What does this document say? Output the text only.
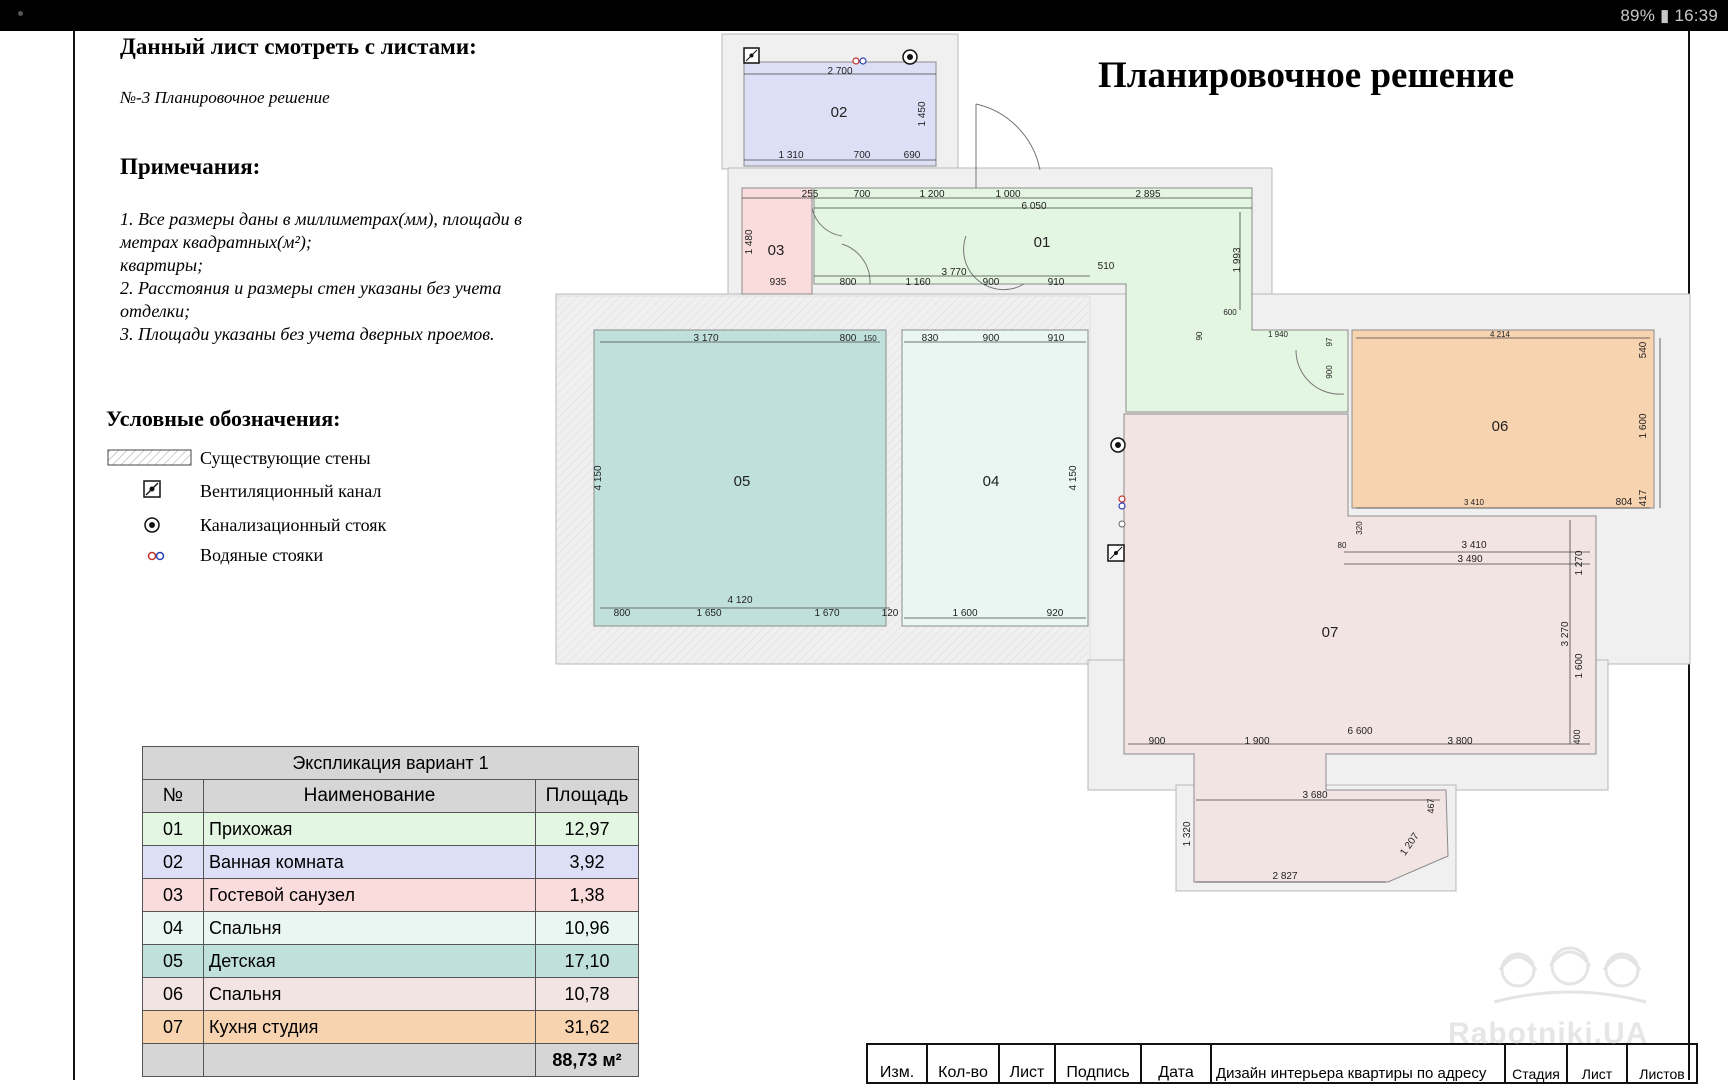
89% ▮ 16:39
Данный лист смотреть с листами:
№-3 Планировочное решение
Примечания:
1. Все размеры даны в миллиметрах(мм), площади в
метрах квадратных(м²);
квартиры;
2. Расстояния и размеры стен указаны без учета
отделки;
3. Площади указаны без учета дверных проемов.
Условные обозначения:
Существующие стены
Вентиляционный канал
Канализационный стояк
Водяные стояки
Планировочное решение
02
03	01
05	04
06
07
2 700
1 450
1 310	700	690
255	700	1 200	1 000	2 895
6 050
1 480
935	800	1 160	900	910
3 770
510	1 993
600
90	1 940
97
4 214
540
900
1 600
3 410	804 417
3 170	800 150	830	900	910
4 150	4 150
4 120
800	1 650	1 670	120	1 600	920
320
80	3 410
3 490	1 270
3 270
1 600
900	1 900
6 600
3 800	400
3 680
467
1 320	1 207
2 827
Экспликация вариант 1		
№	Наименование	Площадь
01	Прихожая	12,97
02	Ванная комната	3,92
03	Гостевой санузел	1,38
04	Спальня	10,96
05	Детская	17,10
06	Спальня	10,78
07	Кухня студия	31,62
		88,73 м²
Изм.	Кол-во	Лист	Подпись	Дата	Дизайн интерьера квартиры по адресу	Стадия	Лист	Листов
Rabotniki.UA
